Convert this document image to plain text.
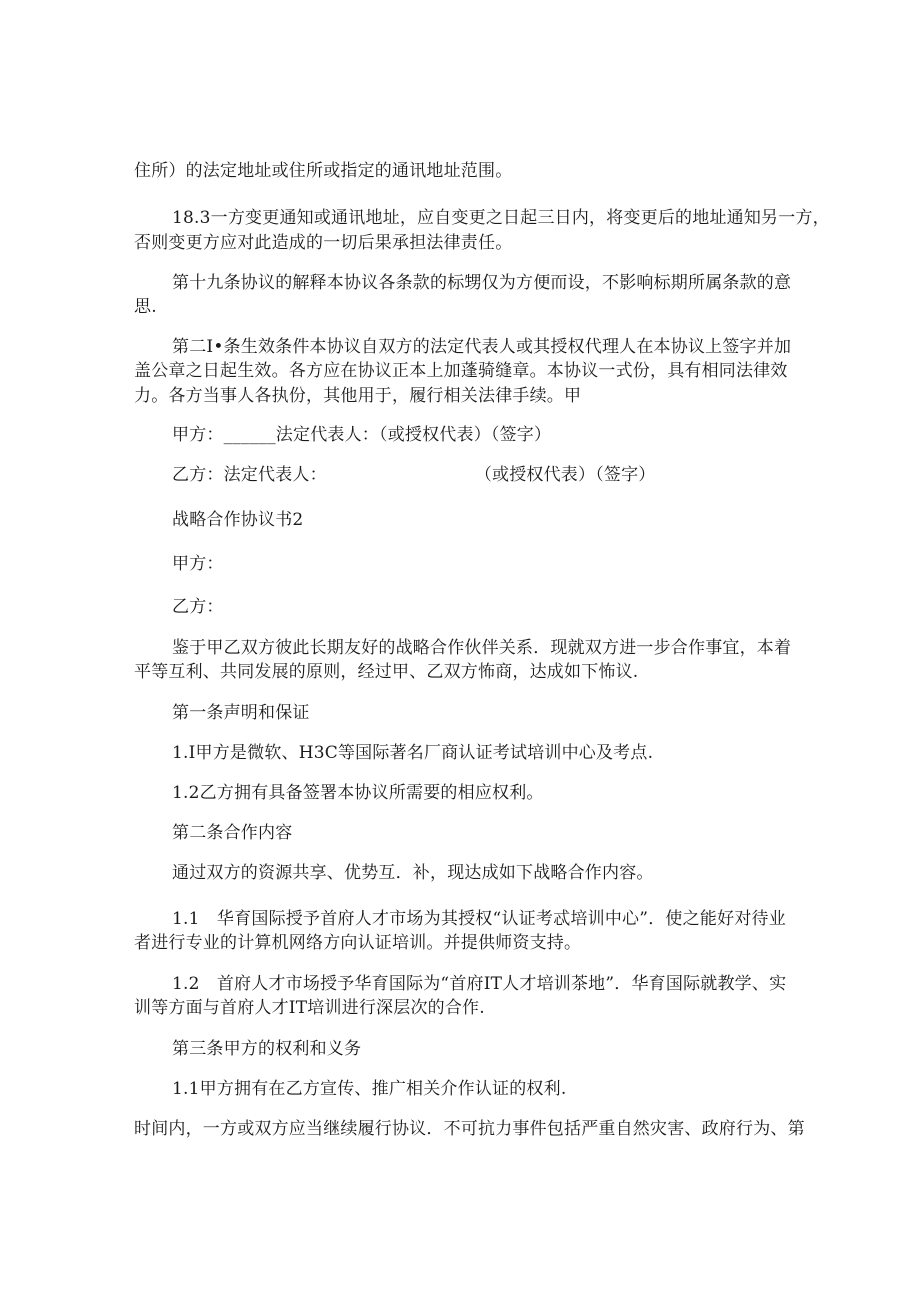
住所）的法定地址或住所或指定的通讯地址范围。
18.3一方变更通知或通讯地址，应自变更之日起三日内，将变更后的地址通知另一方，
否则变更方应对此造成的一切后果承担法律责任。
第十九条协议的解释本协议各条款的标甥仅为方便而设，不影响标期所属条款的意
思.
第二I•条生效条件本协议自双方的法定代表人或其授权代理人在本协议上签字并加
盖公章之日起生效。各方应在协议正本上加蓬骑缝章。本协议一式份，具有相同法律效
力。各方当事人各执份，其他用于，履行相关法律手续。甲
甲方：______法定代表人：（或授权代表）（签字）
乙方：法定代表人：	（或授权代表）（签字）
战略合作协议书2
甲方：
乙方：
鉴于甲乙双方彼此长期友好的战略合作伙伴关系．现就双方进一步合作事宜，本着
平等互利、共同发展的原则，经过甲、乙双方怖商，达成如下怖议.
第一条声明和保证
1.I甲方是微软、H3C等国际著名厂商认证考试培训中心及考点.
1.2乙方拥有具备签署本协议所需要的相应权利。
第二条合作内容
通过双方的资源共享、优势互．补，现达成如下战略合作内容。
1.1　华育国际授予首府人才市场为其授权“认证考忒培训中心”．使之能好对待业
者进行专业的计算机网络方向认证培训。并提供师资支持。
1.2　首府人才市场授予华育国际为“首府IT人才培训茶地”．华育国际就教学、实
训等方面与首府人才IT培训进行深层次的合作.
第三条甲方的权利和义务
1.1甲方拥有在乙方宣传、推广相关介作认证的权利.
时间内，一方或双方应当继续履行协议．不可抗力事件包括严重自然灾害、政府行为、第
